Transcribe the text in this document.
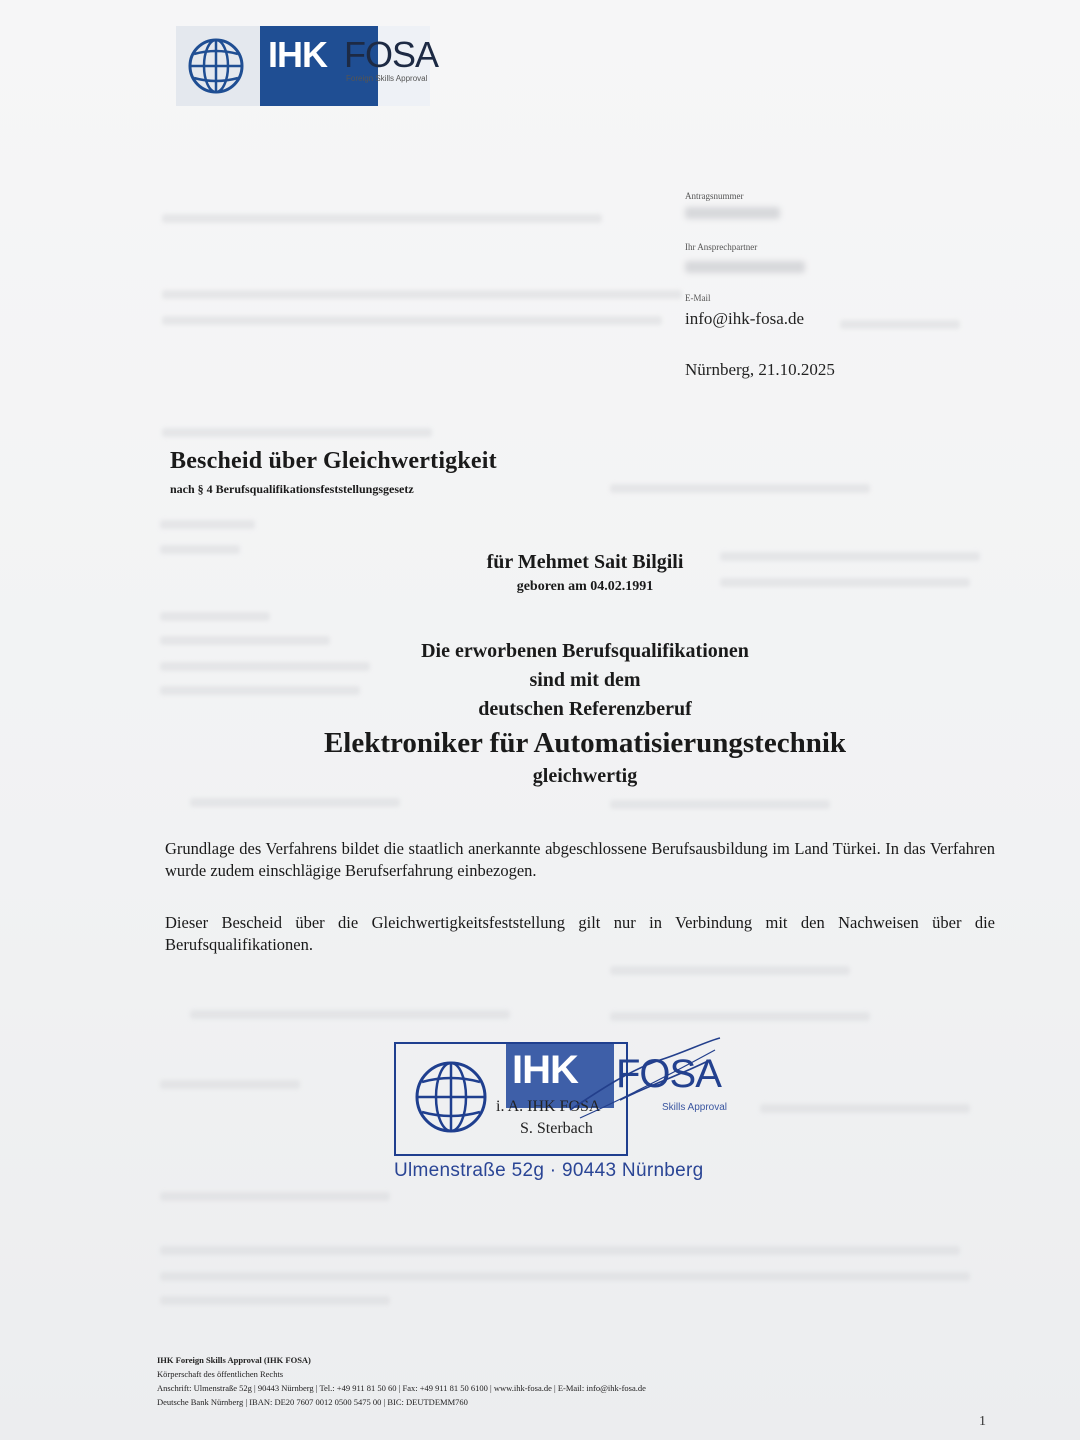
IHK FOSA
Foreign Skills Approval
Antragsnummer
Ihr Ansprechpartner
E-Mail
info@ihk-fosa.de
Nürnberg, 21.10.2025
Bescheid über Gleichwertigkeit
nach § 4 Berufsqualifikationsfeststellungsgesetz
für Mehmet Sait Bilgili
geboren am 04.02.1991
Die erworbenen Berufsqualifikationen
sind mit dem
deutschen Referenzberuf
Elektroniker für Automatisierungstechnik
gleichwertig
Grundlage des Verfahrens bildet die staatlich anerkannte abgeschlossene Berufsausbildung im Land Türkei. In das Verfahren wurde zudem einschlägige Berufserfahrung einbezogen.
Dieser Bescheid über die Gleichwertigkeitsfeststellung gilt nur in Verbindung mit den Nachweisen über die Berufsqualifikationen.
IHK FOSA
Skills Approval
i. A. IHK FOSA
S. Sterbach
Ulmenstraße 52g · 90443 Nürnberg
IHK Foreign Skills Approval (IHK FOSA)
Körperschaft des öffentlichen Rechts
Anschrift: Ulmenstraße 52g | 90443 Nürnberg | Tel.: +49 911 81 50 60 | Fax: +49 911 81 50 6100 | www.ihk-fosa.de | E-Mail: info@ihk-fosa.de
Deutsche Bank Nürnberg | IBAN: DE20 7607 0012 0500 5475 00 | BIC: DEUTDEMM760
1
